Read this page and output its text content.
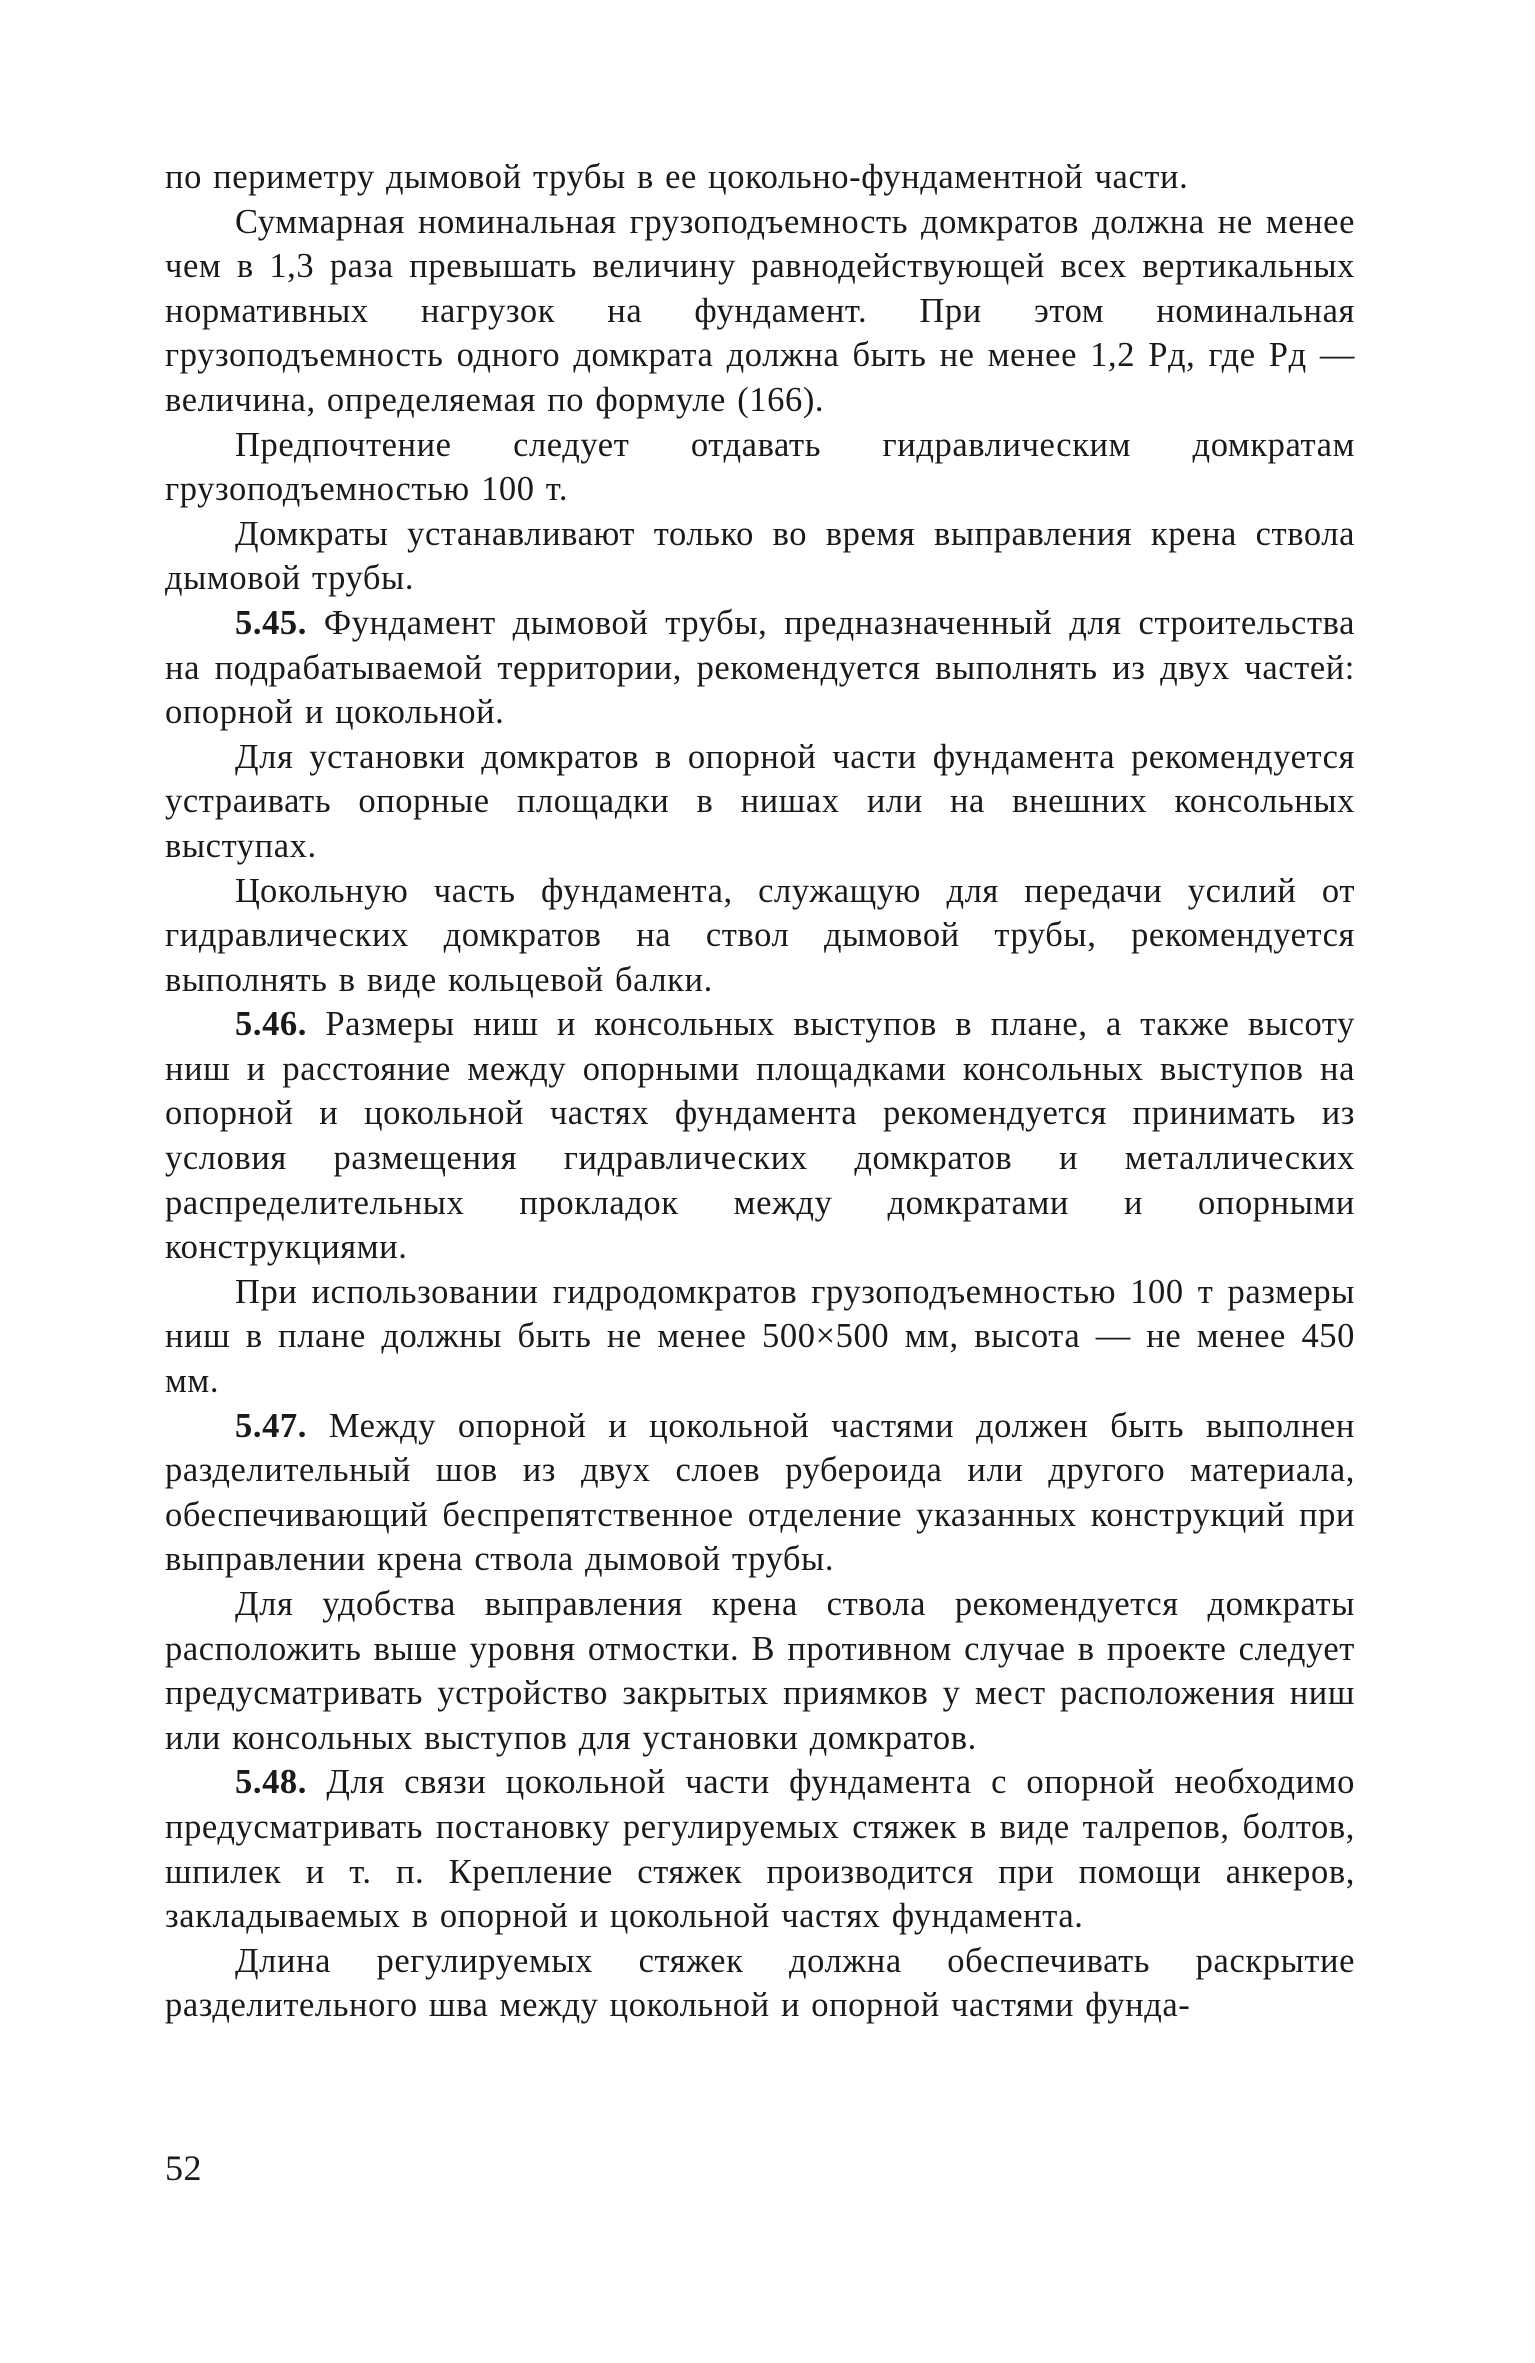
по периметру дымовой трубы в ее цокольно-фундаментной части.

Суммарная номинальная грузоподъемность домкратов должна не менее чем в 1,3 раза превышать величину равнодействующей всех вертикальных нормативных нагрузок на фундамент. При этом номинальная грузоподъемность одного домкрата должна быть не менее 1,2 Pд, где Pд — величина, определяемая по формуле (166).

Предпочтение следует отдавать гидравлическим домкратам грузоподъемностью 100 т.

Домкраты устанавливают только во время выправления крена ствола дымовой трубы.

5.45. Фундамент дымовой трубы, предназначенный для строительства на подрабатываемой территории, рекомендуется выполнять из двух частей: опорной и цокольной.

Для установки домкратов в опорной части фундамента рекомендуется устраивать опорные площадки в нишах или на внешних консольных выступах.

Цокольную часть фундамента, служащую для передачи усилий от гидравлических домкратов на ствол дымовой трубы, рекомендуется выполнять в виде кольцевой балки.

5.46. Размеры ниш и консольных выступов в плане, а также высоту ниш и расстояние между опорными площадками консольных выступов на опорной и цокольной частях фундамента рекомендуется принимать из условия размещения гидравлических домкратов и металлических распределительных прокладок между домкратами и опорными конструкциями.

При использовании гидродомкратов грузоподъемностью 100 т размеры ниш в плане должны быть не менее 500×500 мм, высота — не менее 450 мм.

5.47. Между опорной и цокольной частями должен быть выполнен разделительный шов из двух слоев рубероида или другого материала, обеспечивающий беспрепятственное отделение указанных конструкций при выправлении крена ствола дымовой трубы.

Для удобства выправления крена ствола рекомендуется домкраты расположить выше уровня отмостки. В противном случае в проекте следует предусматривать устройство закрытых приямков у мест расположения ниш или консольных выступов для установки домкратов.

5.48. Для связи цокольной части фундамента с опорной необходимо предусматривать постановку регулируемых стяжек в виде талрепов, болтов, шпилек и т. п. Крепление стяжек производится при помощи анкеров, закладываемых в опорной и цокольной частях фундамента.

Длина регулируемых стяжек должна обеспечивать раскрытие разделительного шва между цокольной и опорной частями фунда-

52
